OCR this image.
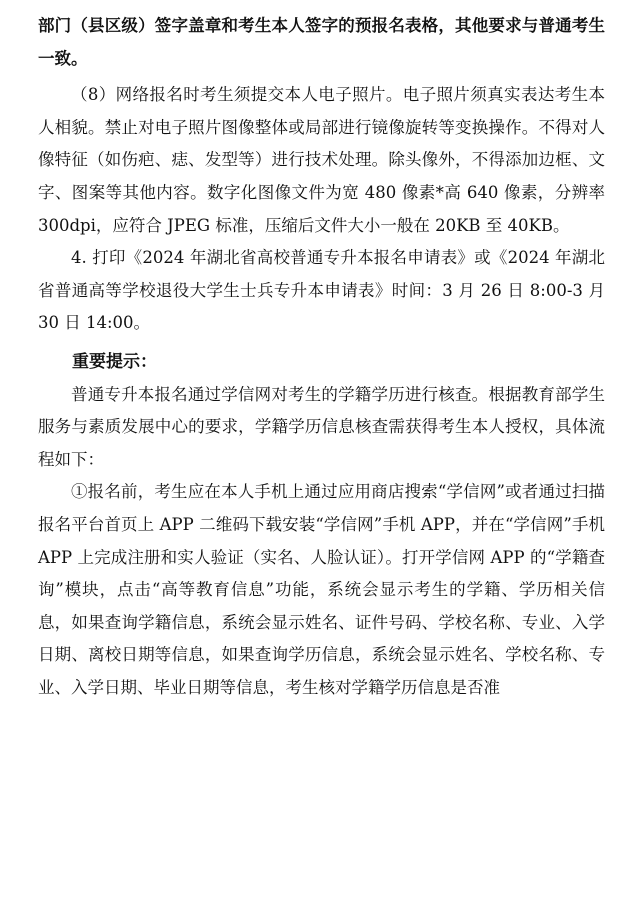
部门（县区级）签字盖章和考生本人签字的预报名表格，其他要求与普通考生一致。

（8）网络报名时考生须提交本人电子照片。电子照片须真实表达考生本人相貌。禁止对电子照片图像整体或局部进行镜像旋转等变换操作。不得对人像特征（如伤疤、痣、发型等）进行技术处理。除头像外，不得添加边框、文字、图案等其他内容。数字化图像文件为宽 480 像素*高 640 像素，分辨率 300dpi，应符合 JPEG 标准，压缩后文件大小一般在 20KB 至 40KB。

4. 打印《2024 年湖北省高校普通专升本报名申请表》或《2024 年湖北省普通高等学校退役大学生士兵专升本申请表》时间：3 月 26 日 8:00-3 月 30 日 14:00。

重要提示：

普通专升本报名通过学信网对考生的学籍学历进行核查。根据教育部学生服务与素质发展中心的要求，学籍学历信息核查需获得考生本人授权，具体流程如下：

①报名前，考生应在本人手机上通过应用商店搜索“学信网”或者通过扫描报名平台首页上 APP 二维码下载安装“学信网”手机 APP，并在“学信网”手机 APP 上完成注册和实人验证（实名、人脸认证）。打开学信网 APP 的“学籍查询”模块，点击“高等教育信息”功能，系统会显示考生的学籍、学历相关信息，如果查询学籍信息，系统会显示姓名、证件号码、学校名称、专业、入学日期、离校日期等信息，如果查询学历信息，系统会显示姓名、学校名称、专业、入学日期、毕业日期等信息，考生核对学籍学历信息是否准
